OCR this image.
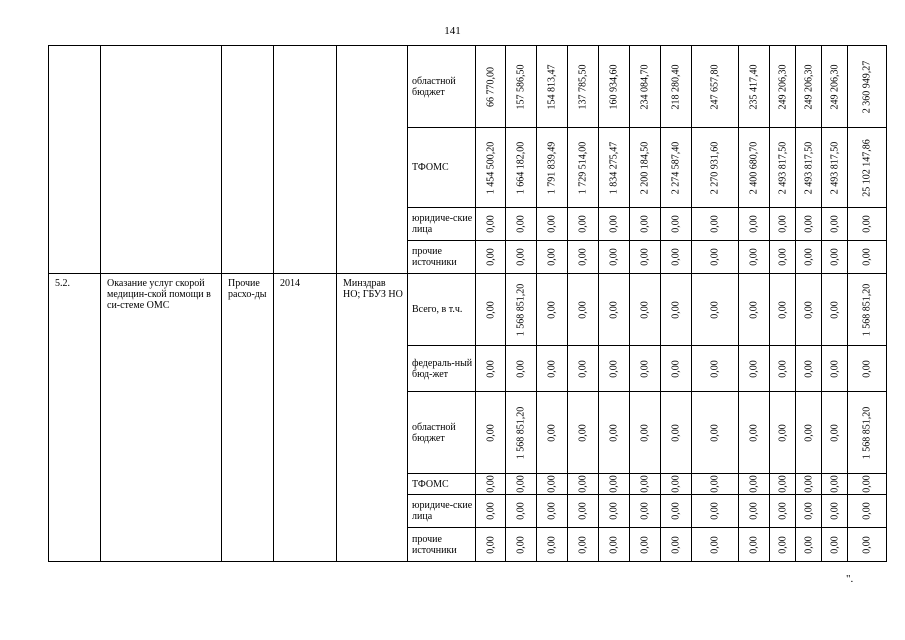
141
					областной бюджет	66 770,00	157 586,50	154 813,47	137 785,50	160 934,60	234 084,70	218 280,40	247 657,80	235 417,40	249 206,30	249 206,30	249 206,30	2 360 949,27

					ТФОМС	1 454 500,20	1 664 182,00	1 791 839,49	1 729 514,00	1 834 275,47	2 200 184,50	2 274 587,40	2 270 931,60	2 400 680,70	2 493 817,50	2 493 817,50	2 493 817,50	25 102 147,86

					юридиче-ские лица	0,00	0,00	0,00	0,00	0,00	0,00	0,00	0,00	0,00	0,00	0,00	0,00	0,00

					прочие источники	0,00	0,00	0,00	0,00	0,00	0,00	0,00	0,00	0,00	0,00	0,00	0,00	0,00

5.2.	Оказание услуг скорой медицин-ской помощи в си-стеме ОМС	Прочие расхо-ды	2014	Минздрав НО; ГБУЗ НО	Всего, в т.ч.	0,00	1 568 851,20	0,00	0,00	0,00	0,00	0,00	0,00	0,00	0,00	0,00	0,00	1 568 851,20

					федераль-ный бюд-жет	0,00	0,00	0,00	0,00	0,00	0,00	0,00	0,00	0,00	0,00	0,00	0,00	0,00

					областной бюджет	0,00	1 568 851,20	0,00	0,00	0,00	0,00	0,00	0,00	0,00	0,00	0,00	0,00	1 568 851,20

					ТФОМС	0,00	0,00	0,00	0,00	0,00	0,00	0,00	0,00	0,00	0,00	0,00	0,00	0,00

					юридиче-ские лица	0,00	0,00	0,00	0,00	0,00	0,00	0,00	0,00	0,00	0,00	0,00	0,00	0,00

					прочие источники	0,00	0,00	0,00	0,00	0,00	0,00	0,00	0,00	0,00	0,00	0,00	0,00	0,00
".
